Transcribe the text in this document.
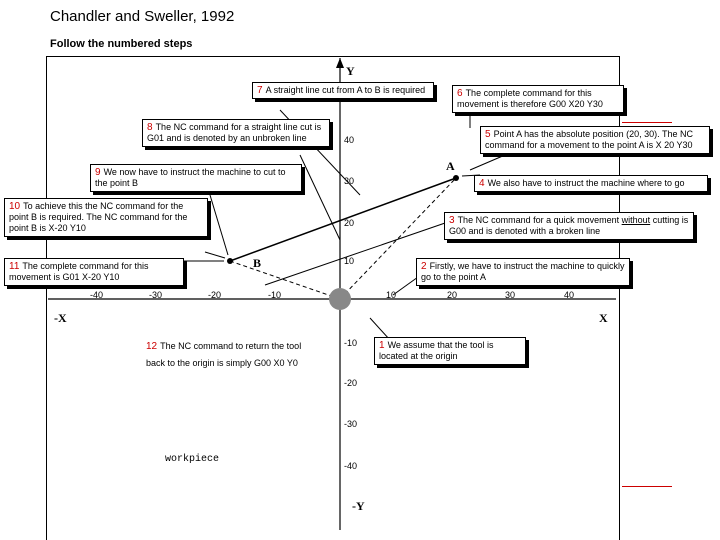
Chandler and Sweller, 1992
Follow the numbered steps
Y
-Y
X
-X
-40	-30	-20	-10	10	20	30	40
40
30
20
10
-10
-20
-30
-40
A
B
workpiece
7 A straight line cut from A to B is required	6 The complete command for this movement is therefore G00 X20 Y30
8 The NC command for a straight line cut is G01 and is denoted by an unbroken line	5 Point A has the absolute position (20, 30). The NC command for a movement to the point A is X 20 Y30
9 We now have to instruct the machine to cut to the point B	4 We also have to instruct the machine where to go
10 To achieve this the NC command for the point B is required. The NC command for the point B is X-20 Y10
3 The NC command for a quick movement without cutting is G00 and is denoted with a broken line
11 The complete command for this movement is G01 X-20 Y10
2 Firstly, we have to instruct the machine to quickly go to the point A
1 We assume that the tool is located at the origin
12 The NC command to return the tool back to the origin is simply G00 X0 Y0
